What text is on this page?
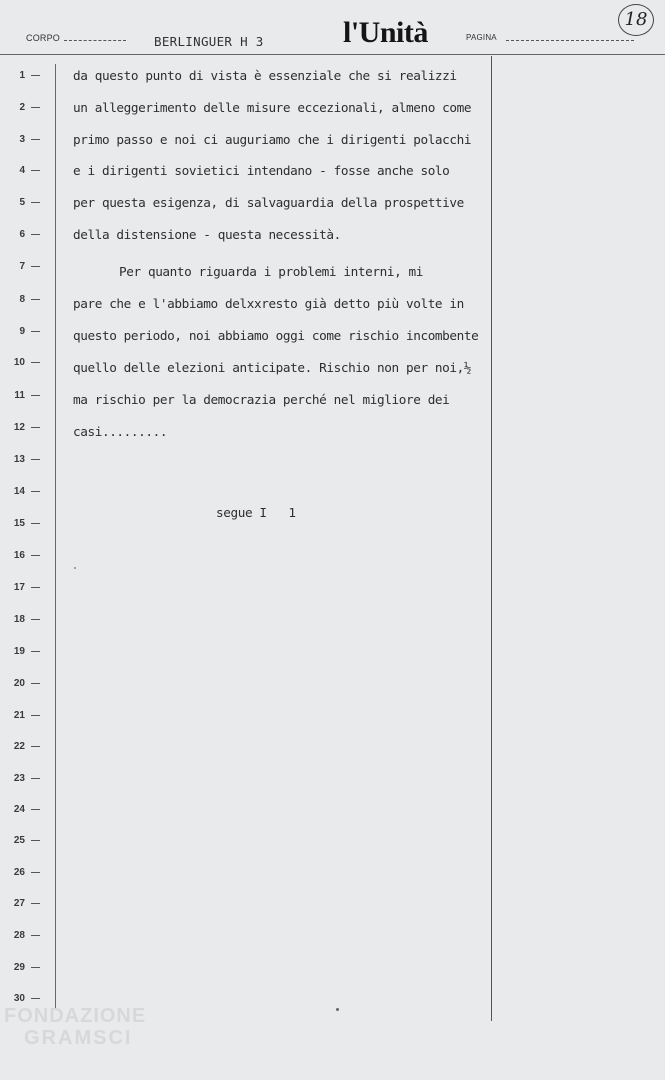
CORPO	BERLINGUER H 3	l'Unità	PAGINA
18
1
2
3
4
5
6
7
8
9
10
11
12
13
14
15
16
17
18
19
20
21
22
23
24
25
26
27
28
29
30
da questo punto di vista è essenziale che si realizzi
un alleggerimento delle misure eccezionali, almeno come
primo passo e noi ci auguriamo che i dirigenti polacchi
e i dirigenti sovietici intendano - fosse anche solo
per questa esigenza, di salvaguardia della prospettive
della distensione - questa necessità.
Per quanto riguarda i problemi interni, mi
pare che e l'abbiamo delxxresto già detto più volte in
questo periodo, noi abbiamo oggi come rischio incombente
quello delle elezioni anticipate. Rischio non per noi,½
ma rischio per la democrazia perché nel migliore dei
casi.........
segue I   1
FONDAZIONE
GRAMSCI
